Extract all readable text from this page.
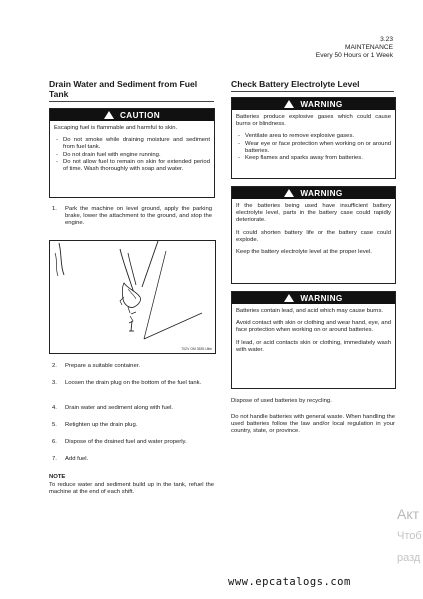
3.23
MAINTENANCE
Every 50 Hours or 1 Week
Drain Water and Sediment from Fuel Tank
CAUTION

Escaping fuel is flammable and harmful to skin.

- Do not smoke while draining moisture and sediment from fuel tank.
- Do not drain fuel with engine running.
- Do not allow fuel to remain on skin for extended period of time. Wash thoroughly with soap and water.
1. Park the machine on level ground, apply the parking brake, lower the attachment to the ground, and stop the engine.
70ZV OM 3539 Ultie
2. Prepare a suitable container.
3. Loosen the drain plug on the bottom of the fuel tank.
4. Drain water and sediment along with fuel.
5. Retighten up the drain plug.
6. Dispose of the drained fuel and water properly.
7. Add fuel.
NOTE
To reduce water and sediment build up in the tank, refuel the machine at the end of each shift.
Check Battery Electrolyte Level
WARNING

Batteries produce explosive gases which could cause burns or blindness.

- Ventilate area to remove explosive gases.
- Wear eye or face protection when working on or around batteries.
- Keep flames and sparks away from batteries.
WARNING

If the batteries being used have insufficient battery electrolyte level, parts in the battery case could rapidly deteriorate.

It could shorten battery life or the battery case could explode.

Keep the battery electrolyte level at the proper level.

WARNING

Batteries contain lead, and acid which may cause burns.

Avoid contact with skin or clothing and wear hand, eye, and face protection when working on or around batteries.

If lead, or acid contacts skin or clothing, immediately wash with water.

Dispose of used batteries by recycling.
Do not handle batteries with general waste. When handling the used batteries follow the law and/or local regulation in your country, state, or province.
Акт
Чтоб
разд
www.epcatalogs.com
